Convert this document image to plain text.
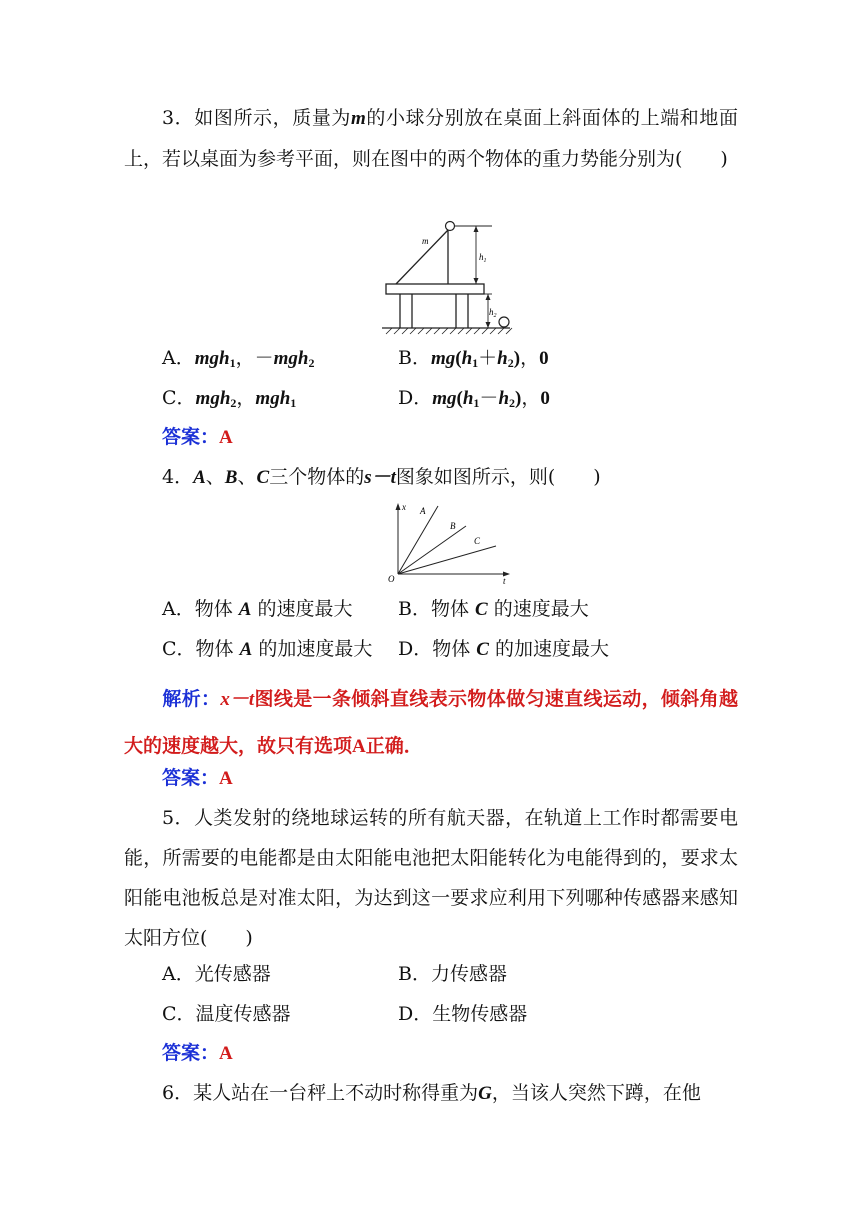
3．如图所示，质量为m的小球分别放在桌面上斜面体的上端和地面上，若以桌面为参考平面，则在图中的两个物体的重力势能分别为(　　)
m
$h_1$
$h_2$
A．mgh$_1$，－mgh$_2$	B．$mg(h_1+h_2)$，0
C．mgh$_2$，mgh$_1$	D．$mg(h_1-h_2)$，0
答案：A
4．A、B、C三个物体的s－t图象如图所示，则(　　)
x
t
O
A
B
C
A．物体 A 的速度最大 B．物体 C 的速度最大
C．物体 A 的加速度最大 D．物体 C 的加速度最大
解析：x－t图线是一条倾斜直线表示物体做匀速直线运动，倾斜角越大的速度越大，故只有选项A正确．
答案：A
5．人类发射的绕地球运转的所有航天器，在轨道上工作时都需要电能，所需要的电能都是由太阳能电池把太阳能转化为电能得到的，要求太阳能电池板总是对准太阳，为达到这一要求应利用下列哪种传感器来感知太阳方位(　　)
A．光传感器	B．力传感器
C．温度传感器	D．生物传感器
答案：A
6．某人站在一台秤上不动时称得重为G，当该人突然下蹲，在他
